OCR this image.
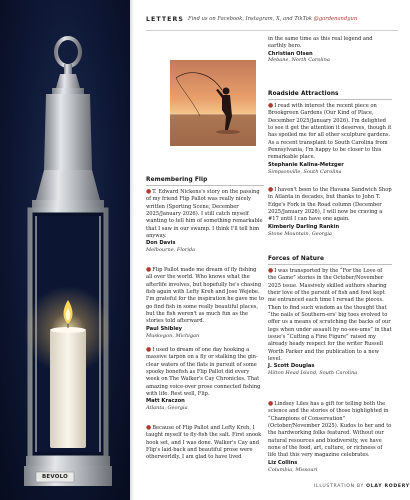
BEVOLO
LETTERS Find us on Facebook, Instagram, X, and TikTok @gardenandgun
Remembering Flip
●T. Edward Nickens's story on the passing of my friend Flip Pallot was really nicely written (Sporting Scene, December 2025/January 2026). I still catch myself wanting to tell him of something remarkable that I saw in our swamp. I think I'll tell him anyway.
Don Davis
Melbourne, Florida
●Flip Pallot made me dream of fly fishing all over the world. Who knows what the afterlife involves, but hopefully he's chasing fish again with Lefty Kreh and Jose Wejebe. I'm grateful for the inspiration he gave me to go find fish in some really beautiful places, but the fish weren't as much fun as the stories told afterward.
Paul Shibley
Muskegon, Michigan
●I used to dream of one day hooking a massive tarpon on a fly or stalking the gin-clear waters of the flats in pursuit of some spooky bonefish as Flip Pallot did every week on The Walker's Cay Chronicles. That amazing voice-over prose connected fishing with life. Rest well, Flip.
Matt Kraczon
Atlanta, Georgia
●Because of Flip Pallot and Lefty Kreh, I taught myself to fly-fish the salt. First snook hook set, and I was done. Walker's Cay and Flip's laid-back and beautiful prose were otherworldly. I am glad to have lived
in the same time as this real legend and earthly hero.
Christian Olsen
Mebane, North Carolina
Roadside Attractions
●I read with interest the recent piece on Brookgreen Gardens (Our Kind of Place, December 2025/January 2026). I'm delighted to see it get the attention it deserves, though it has spoiled me for all other sculpture gardens. As a recent transplant to South Carolina from Pennsylvania, I'm happy to be closer to this remarkable place.
Stephanie Kalina-Metzger
Simpsonville, South Carolina
●I haven't been to the Havana Sandwich Shop in Atlanta in decades, but thanks to John T. Edge's Fork in the Road column (December 2025/January 2026), I will now be craving a #17 until I can have one again.
Kimberly Darling Rankin
Stone Mountain, Georgia
Forces of Nature
●I was transported by the “For the Love of the Game” stories in the October/November 2025 issue. Massively skilled authors sharing their love of the pursuit of fish and fowl kept me entranced each time I reread the pieces. Then to find such wisdom as the thought that “the nails of Southern-ers' big toes evolved to offer us a means of scratching the backs of our legs when under assault by no-see-ums” in that issue's “Cutting a Fine Figure” raised my already heady respect for the writer Russell Worth Parker and the publication to a new level.
J. Scott Douglas
Hilton Head Island, South Carolina
●Lindsey Liles has a gift for telling both the science and the stories of those highlighted in “Champions of Conservation” (October/November 2025). Kudos to her and to the hardworking folks featured. Without our natural resources and biodiversity, we have none of the food, art, culture, or richness of life that this very magazine celebrates.
Liz Collins
Columbia, Missouri
ILLUSTRATION BY OLAY RODERY
